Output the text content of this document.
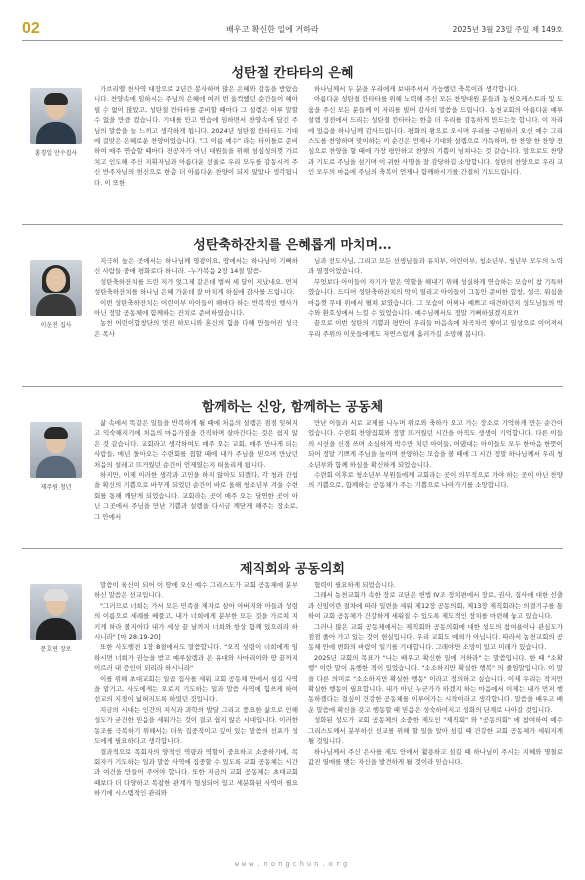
02	배우고 확신한 일에 거하라	2025년 3월 23일 주일 제 149호
성탄절 칸타타의 은혜
홍경일 안수집사

가브리엘 천사역 대장으로 2년간 봉사하며 많은 은혜와 감동을 받았습니다. 찬양속에 임하시는 주님의 은혜에 여러 번 울컥했던 순간들이 헤아릴 수 없이 많았고, 성탄절 칸타타를 준비할 때마다 그 설렘은 이루 말할 수 없을 만큼 컸습니다. 기대를 안고 연습에 임하면서 찬양속에 담긴 주님의 말씀을 늘 느끼고 생각하게 됩니다. 2024년 성탄절 칸타타도 기대에 걸맞은 은혜로운 찬양이었습니다. "그 이름 예수" 라는 타이틀로 준비하여 매주 연습할 때마다 전공자가 아닌 대원들을 위해 섬심성의껏 가르치고 인도해 주신 지휘자님과 아름다운 선율로 우리 모두를 감동시켜 주신 반주자님의 헌신으로 한층 더 아름다운 찬양이 되지 않았나 생각됩니다. 이 또한

하나님께서 두 분을 우리에게 보내주셔서 가능했던 축복이라 생각합니다.

아름다운 성탄절 칸타타를 위해 노력해 주신 모든 찬양대원 분들과 농천오케스트라 및 도움을 주신 모든 분들께 이 자리를 빌어 감사의 말씀을 드립니다. 농천교회의 아름다운 예루살렘 성전에서 드리는 성탄절 칸타타는 한층 더 우리를 감동하게 만드는듯 합니다. 이 자리에 있음을 하나님께 감사드립니다. 평화의 왕으로 오시며 우리를 구원하러 오신 예수 그리스도를 찬양하며 맞이하는 이 순간은 언제나 기대와 설렘으로 가득하며, 한 찬양 한 찬양 전심으로 찬양을 할 때에 가장 평안하고 찬양의 기쁨이 넘쳐나는 것 같습니다. 앞으로도 찬양과 기도로 주님을 섬기며 이 귀한 사명을 잘 감당하길 소망합니다. 성탄의 찬양으로 우리 교인 모두의 마음에 주님의 축복이 언제나 함께하시기를 간절히 기도드립니다.

성탄축하잔치를 은혜롭게 마치며...
이운진 집사

지극히 높은 곳에서는 하나님께 영광이요, 땅에서는 하나님이 기뻐하신 사람들 중에 평화로다 하니라. -누가복음 2장 14절 말씀-

성탄축하잔치를 드린 지가 엊그제 같은데 벌써 세 달이 지났네요. 먼저 성탄축하잔치를 하나님 은혜 가운데 잘 마치게 하심에 감사를 드립니다.

이번 성탄축하잔치는 어린이부 아이들이 해마다 하는 반복적인 행사가 아닌 정말 공동체에 함께하는 잔치로 준비하였습니다.

농천 어린이합창단의 멋진 하모니와 혼신의 힘을 다해 만들어진 성극은 목사

님과 전도사님, 그리고 모든 선생님들과 유치부, 어린이부, 청소년부, 청년부 모두의 노력과 열정이었습니다.

무엇보다 아이들이 자기가 맡은 역할을 해내기 위해 성실하게 연습하는 모습이 참 기특하였습니다. 드디어 성탄축하잔치의 막이 열리고 아이들이 그동안 준비한 합창, 성극, 워십을 마음껏 무대 위에서 펼쳐 보였습니다. 그 모습이 어찌나 예쁘고 대견하던지 성도님들의 박수와 환호성에서 느낄 수 있었습니다. 예수님께서도 정말 기뻐하셨겠지요?!

끝으로 이번 성탄의 기쁨과 평안이 우리들 마음속에 차곡차곡 쌓이고 일상으로 이어져서 우리 주위의 이웃들에게도 자연스럽게 흘러가길 소망해 봅니다.

함께하는 신앙, 함께하는 공동체
제주원 청년

삶 속에서 똑같은 일들을 반복하게 될 때에 처음의 설렘은 점점 잊혀지고 익숙해지기에 처음의 마음가짐을 간직하며 살아간다는 것은 쉽지 않은 것 같습니다. 교회라고 생각하여도 매주 오는 교회, 매주 만나게 되는 사람들, 매년 돌아오는 수련회를 접할 때에 내가 주님을 믿으며 만났던 처음의 설레고 뜨거웠던 순간이 언제였는지 떠올리게 됩니다.

하지만, 이제 이러한 생각과 고민을 하지 않아도 되겠다, 각 청과 간섭을 확신의 기쁨으로 바꾸게 되었던 순간이 바로 올해 청소년부 겨울 수련회를 통해 깨닫게 되었습니다. 교회라는 곳이 매주 오는 당연한 곳이 아닌 그곳에서 주님을 만난 기쁨과 설렘을 다시금 깨닫게 해주는 장소로, 그 안에서

만난 이들과 서로 교제를 나누며 위로와 축하가 오고 가는 장소로 기억하게 만든 순간이었습니다. 수련회 찬양집회와 정말 뜨거웠던 시간을 아직도 생생이 기억합니다. 다른 이들의 시선을 신경 쓰며 소심하게 박수만 치던 아이들, 어댔대는 아이들도 모두 한마음 한뜻이 되어 정말 기쁘게 주님을 높이며 찬양하는 모습을 볼 때에 그 시간 정말 하나님께서 우리 청소년부와 함께 하심을 확신하게 되었습니다.

수련회 이후로 청소년부 부원들에게 교회라는 곳이 의무적으로 가야 하는 곳이 아닌 찬양의 기쁨으로, 함께하는 공동체가 주는 기쁨으로 나아가기를 소망합니다.

제직회와 공동의회
문호연 장로

말씀이 육신이 되어 이 땅에 오신 예수 그리스도가 교회 공동체에 분부하신 말씀은 선교입니다.

"그러므로 너희는 가서 모든 민족을 제자로 삼아 아버지와 아들과 성령의 이름으로 세례를 베풀고, 내가 너희에게 분부한 모든 것을 가르쳐 지키게 하라 볼지어다 내가 세상 끝 날까지 너희와 항상 함께 있으리라 하시니라" [마 28:19-20]

또한 사도행전 1장 8절에서도 말씀합니다. "오직 성령이 너희에게 임하시면 너희가 권능을 받고 예루살렘과 온 유대와 사마리아와 땅 끝까지 이르러 내 증인이 되리라 하시니라"

이를 위해 초대교회는 일곱 집사를 세워 교회 공동체 안에서 섬길 사역을 맡기고, 사도에게는 오로지 기도하는 일과 말씀 사역에 힘쓰게 하여 선교의 지경이 넓혀지도록 하였던 것입니다.

지금의 시대는 인간의 지식과 과학의 발달 그리고 풍요한 삶으로 인해 성도가 굳건한 믿음을 세워가는 것이 결코 쉽지 않은 시대입니다. 이러한 동조를 극복하기 위해서는 더욱 집중적이고 깊이 있는 말씀의 선포가 성도에게 필요하다고 생각합니다.

결과적으로 목회자의 양적인 역량과 역할이 중요하고 소중하기에, 목회자가 기도하는 일과 말씀 사역에 집중할 수 있도록 교회 공동체는 시간과 여건을 만들어 주어야 합니다. 또한 지금의 교회 공동체는 초대교회 때보다 더 다양하고 복잡한 관계가 형성되어 있고 세분화된 사역이 필요하기에 시스템적인 관리와

협력이 필요하게 되었습니다.

그래서 농천교회가 속한 장로 교단은 헌법 IV조 정치편에서 장로, 권사, 집사에 대한 선출과 신임이란 절차에 따라 일련을 세워 제12장 공동의회, 제13장 제직회라는 의결기구를 통하여 교회 공동체가 건강하게 세워질 수 있도록 제도적인 장치를 마련해 놓고 있습니다.

그러나 많은 교회 공동체에서는 제직회와 공동의회에 대한 성도의 참여율이나 관심도가 점점 줄어 가고 있는 것이 현실입니다. 우리 교회도 예외가 아닙니다. 따라서 농천교회의 공동체 안에 변화의 바람이 일기를 기대합니다. 그래야만 소망이 있고 미래가 있습니다.

2025년 교회의 목표가 "나는 배우고 확신한 일에 거하라" 는 말씀입니다. 한 때 "소확행" 이란 말이 유행한 적이 있었습니다. "소소하지만 확실한 행복" 의 줄임말입니다. 이 말을 다른 의미로 "소소하지만 확실한 행동" 이라고 정의하고 싶습니다. 이제 우리는 작지만 확실한 행동이 필요합니다. 내가 아닌 누군가가 하겠지 하는 마음에서 이제는 내가 먼저 행동하겠다는 결심이 건강한 공동체를 이루어가는 시작이라고 생각합니다. 말씀을 배우고 배운 말씀에 확신을 갖고 행동할 때 믿음은 성숙하여지고 성화의 단계로 나아갈 것입니다.

성화된 성도가 교회 공동체의 소중한 제도인 "제직회" 와 "공동의회" 에 참여하여 예수 그리스도께서 분부하신 선교를 위해 할 일을 알아 섬길 때 건강한 교회 공동체가 세워지게 될 것입니다.

하나님께서 주신 은사를 제도 안에서 활용하고 섬길 때 하나님이 주시는 지혜와 명철로 값진 열매를 맺는 자신을 발견하게 될 것이라 믿습니다.

www.nongchun.org
